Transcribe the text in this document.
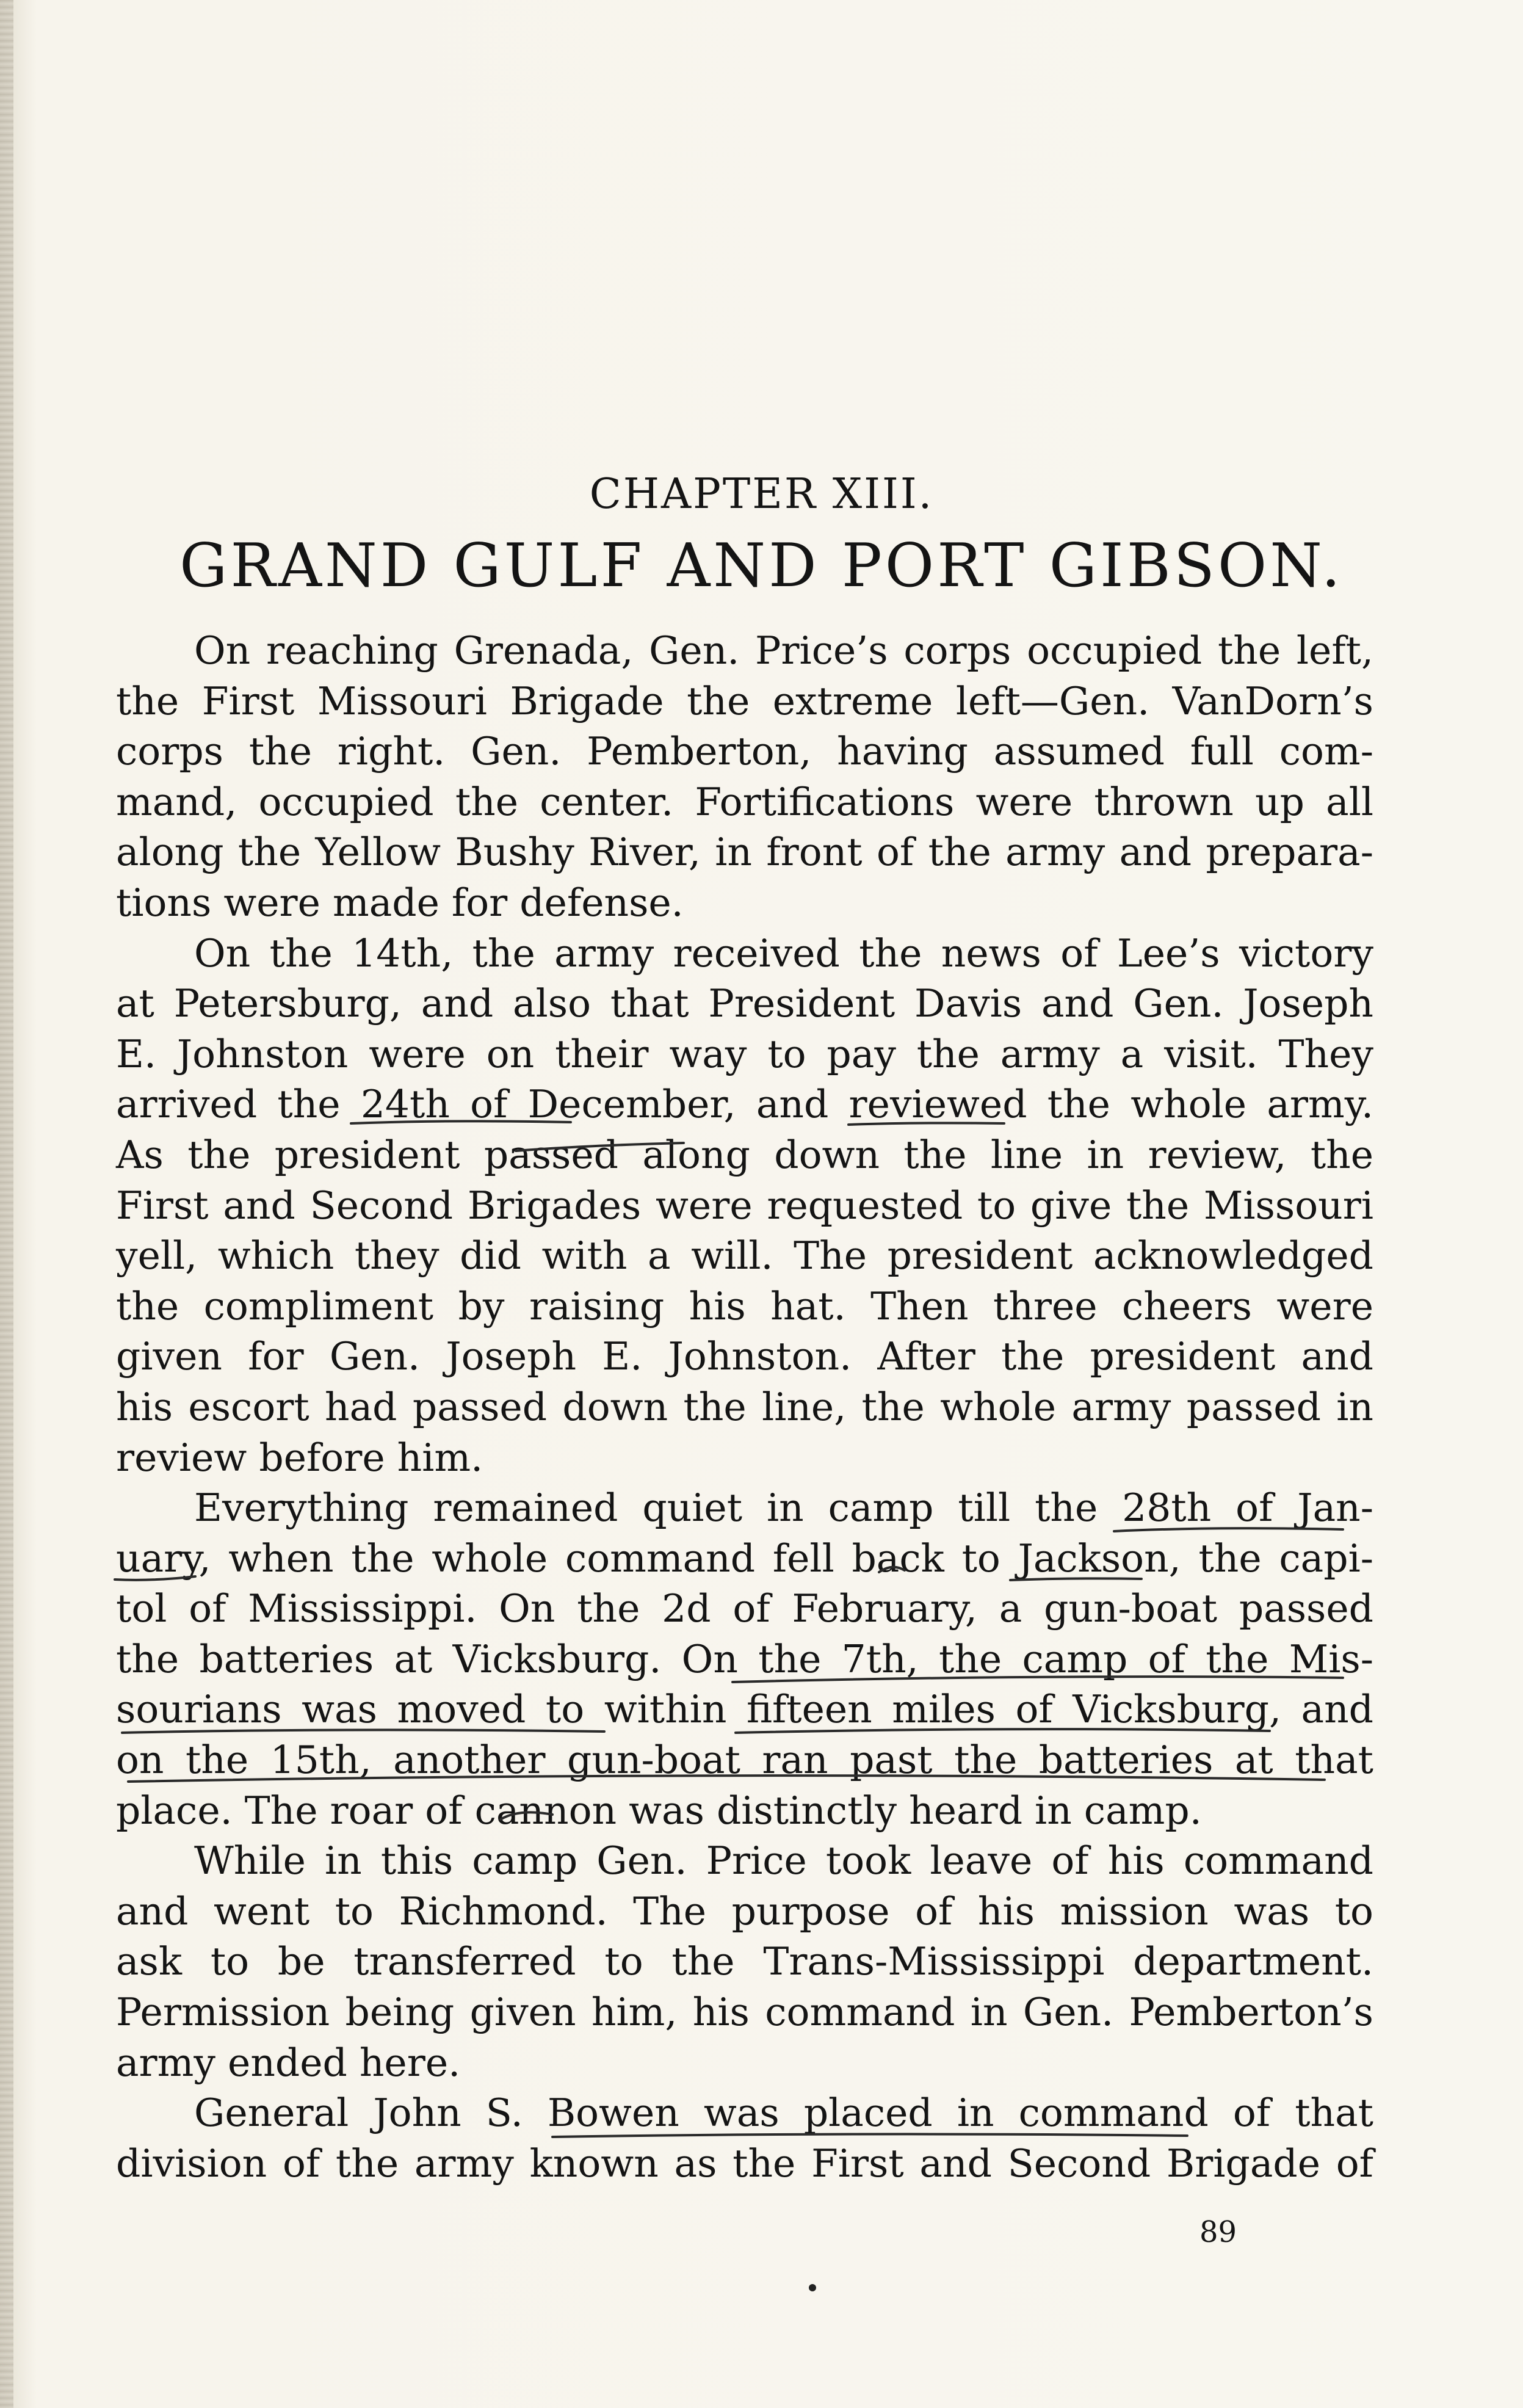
CHAPTER XIII.
GRAND GULF AND PORT GIBSON.
On reaching Grenada, Gen. Price’s corps occupied the left,
the First Missouri Brigade the extreme left—Gen. VanDorn’s
corps the right. Gen. Pemberton, having assumed full com-
mand, occupied the center. Fortifications were thrown up all
along the Yellow Bushy River, in front of the army and prepara-
tions were made for defense.
On the 14th, the army received the news of Lee’s victory
at Petersburg, and also that President Davis and Gen. Joseph
E. Johnston were on their way to pay the army a visit. They
arrived the 24th of December, and reviewed the whole army.
As the president passed along down the line in review, the
First and Second Brigades were requested to give the Missouri
yell, which they did with a will. The president acknowledged
the compliment by raising his hat. Then three cheers were
given for Gen. Joseph E. Johnston. After the president and
his escort had passed down the line, the whole army passed in
review before him.
Everything remained quiet in camp till the 28th of Jan-
uary, when the whole command fell back to Jackson, the capi-
tol of Mississippi. On the 2d of February, a gun-boat passed
the batteries at Vicksburg. On the 7th, the camp of the Mis-
sourians was moved to within fifteen miles of Vicksburg, and
on the 15th, another gun-boat ran past the batteries at that
place. The roar of cannon was distinctly heard in camp.
While in this camp Gen. Price took leave of his command
and went to Richmond. The purpose of his mission was to
ask to be transferred to the Trans-Mississippi department.
Permission being given him, his command in Gen. Pemberton’s
army ended here.
General John S. Bowen was placed in command of that
division of the army known as the First and Second Brigade of
89
